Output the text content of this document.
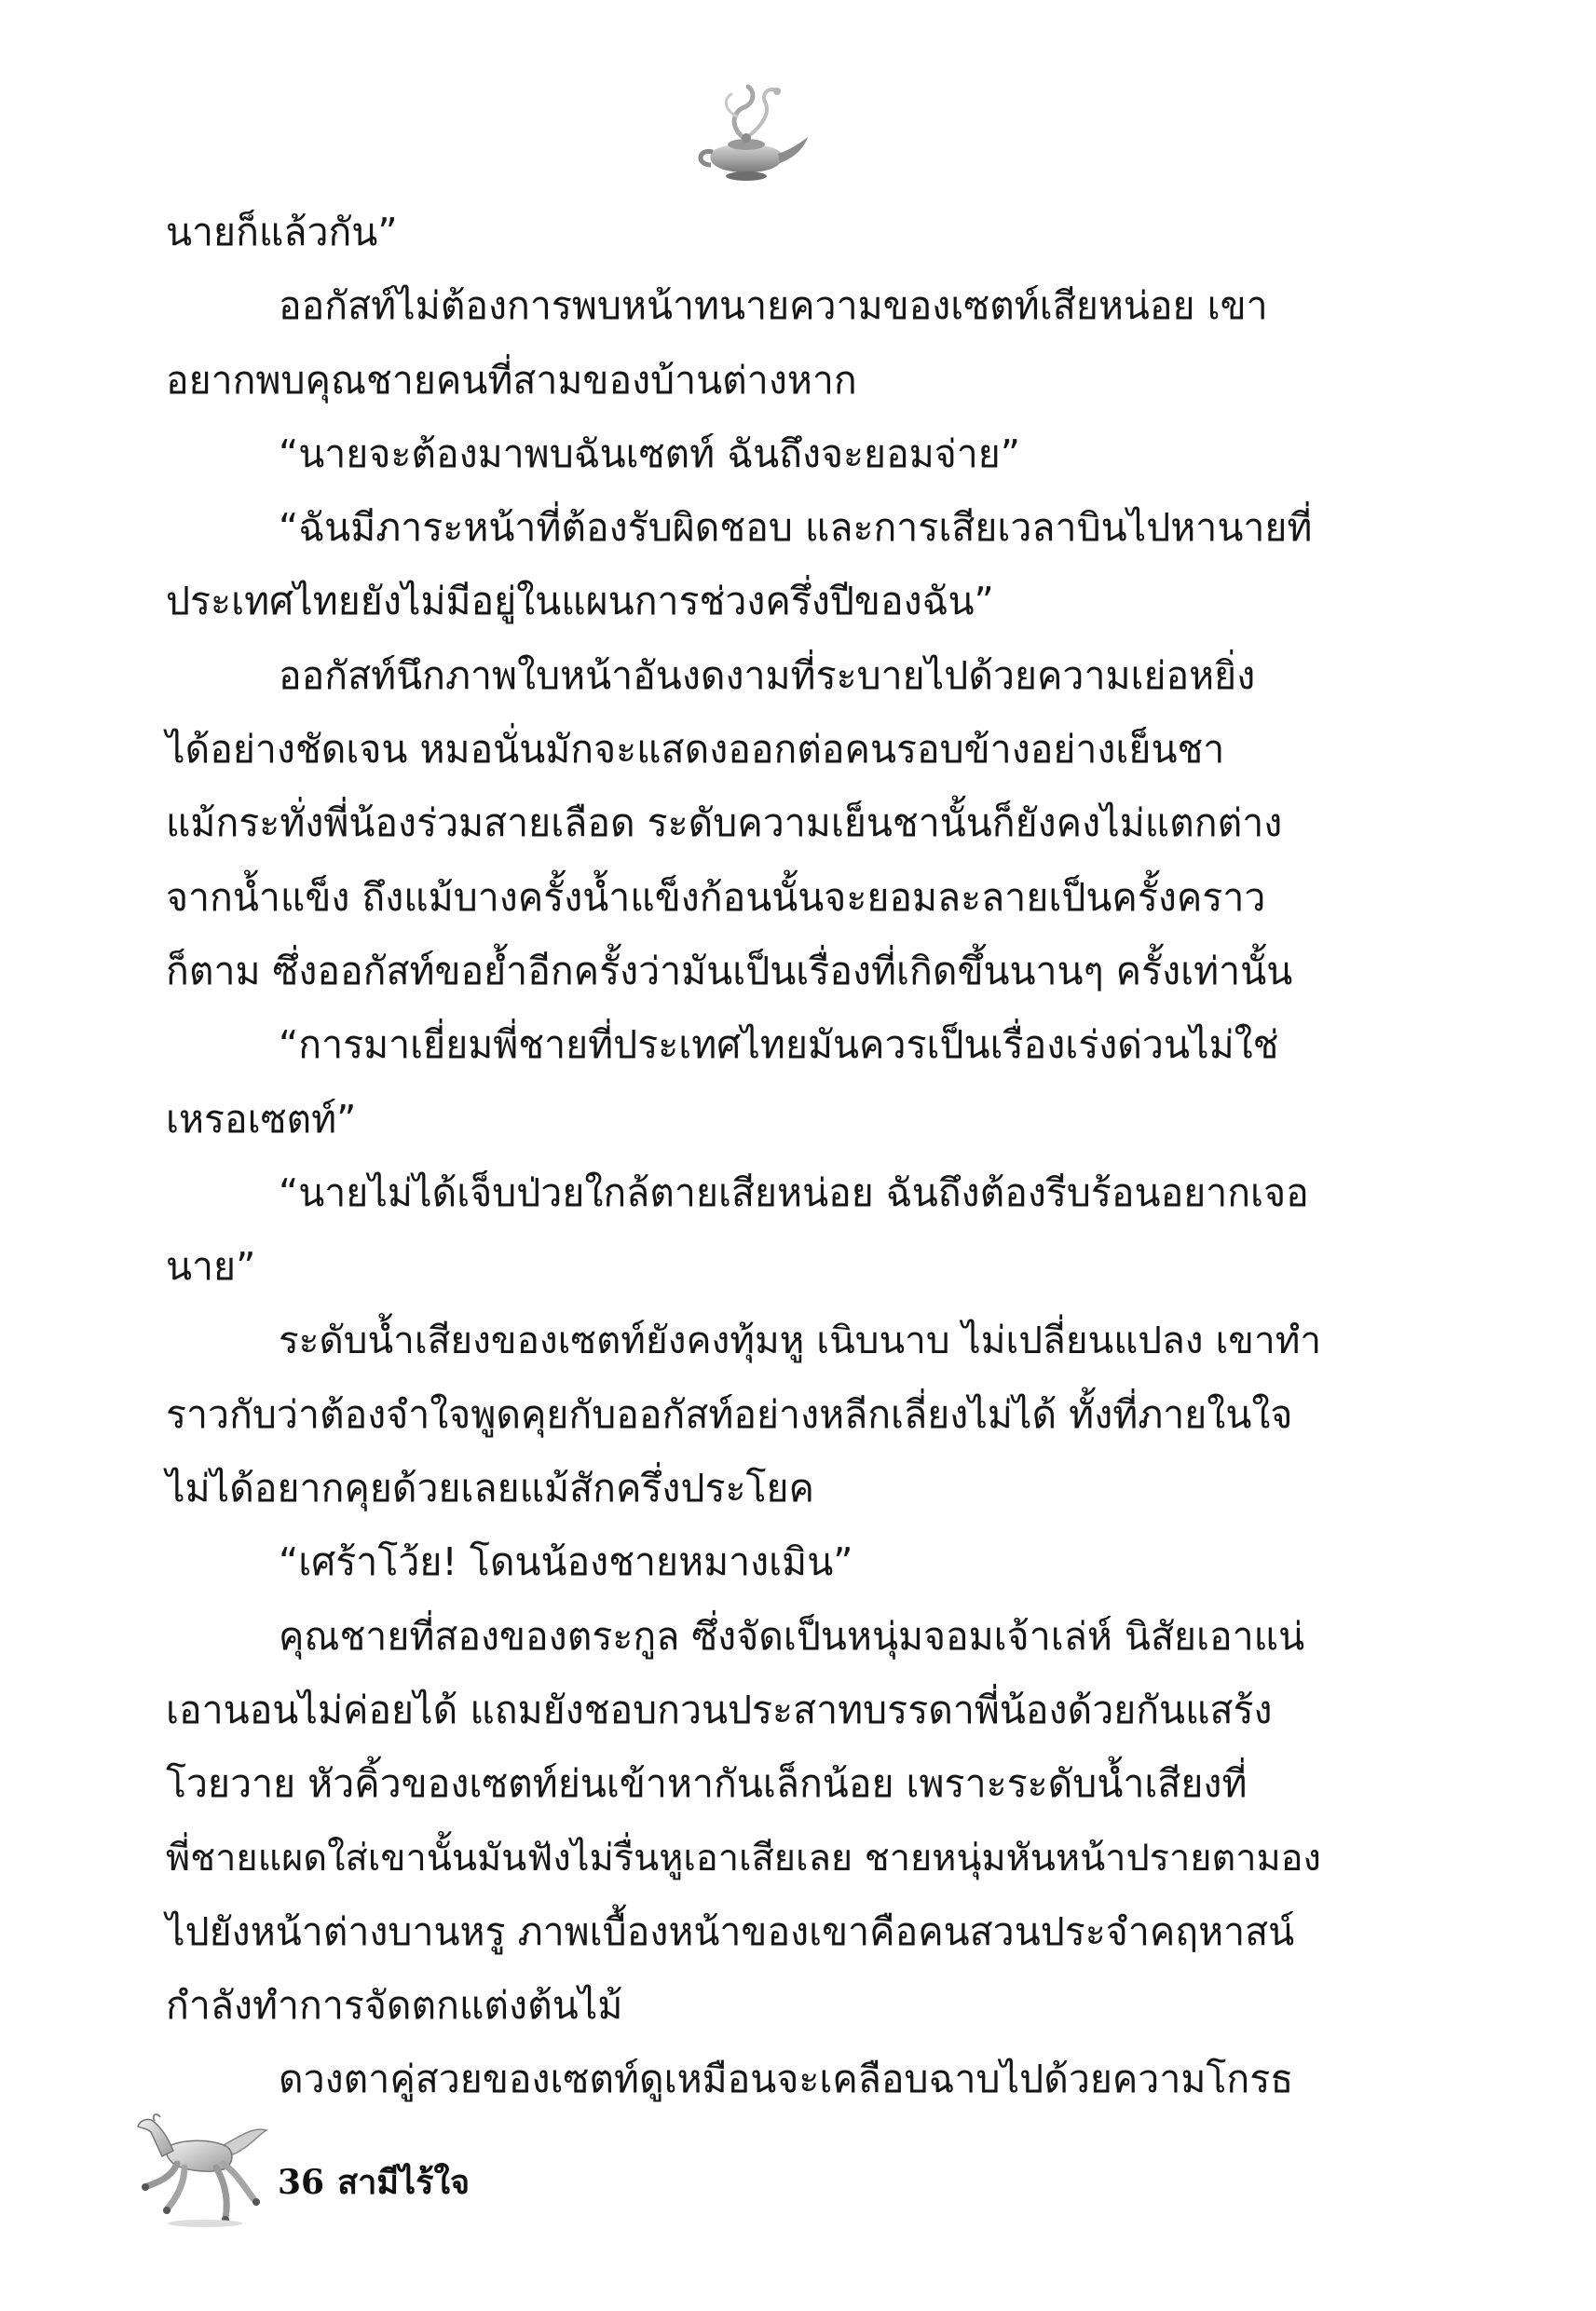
นายก็แล้วกัน”
ออกัสท์ไม่ต้องการพบหน้าทนายความของเซตท์เสียหน่อย เขา
อยากพบคุณชายคนที่สามของบ้านต่างหาก
“นายจะต้องมาพบฉันเซตท์ ฉันถึงจะยอมจ่าย”
“ฉันมีภาระหน้าที่ต้องรับผิดชอบ และการเสียเวลาบินไปหานายที่
ประเทศไทยยังไม่มีอยู่ในแผนการช่วงครึ่งปีของฉัน”
ออกัสท์นึกภาพใบหน้าอันงดงามที่ระบายไปด้วยความเย่อหยิ่ง
ได้อย่างชัดเจน หมอนั่นมักจะแสดงออกต่อคนรอบข้างอย่างเย็นชา
แม้กระทั่งพี่น้องร่วมสายเลือด ระดับความเย็นชานั้นก็ยังคงไม่แตกต่าง
จากน้ำแข็ง ถึงแม้บางครั้งน้ำแข็งก้อนนั้นจะยอมละลายเป็นครั้งคราว
ก็ตาม ซึ่งออกัสท์ขอย้ำอีกครั้งว่ามันเป็นเรื่องที่เกิดขึ้นนานๆ ครั้งเท่านั้น
“การมาเยี่ยมพี่ชายที่ประเทศไทยมันควรเป็นเรื่องเร่งด่วนไม่ใช่
เหรอเซตท์”
“นายไม่ได้เจ็บป่วยใกล้ตายเสียหน่อย ฉันถึงต้องรีบร้อนอยากเจอ
นาย”
ระดับน้ำเสียงของเซตท์ยังคงทุ้มหู เนิบนาบ ไม่เปลี่ยนแปลง เขาทำ
ราวกับว่าต้องจำใจพูดคุยกับออกัสท์อย่างหลีกเลี่ยงไม่ได้ ทั้งที่ภายในใจ
ไม่ได้อยากคุยด้วยเลยแม้สักครึ่งประโยค
“เศร้าโว้ย! โดนน้องชายหมางเมิน”
คุณชายที่สองของตระกูล ซึ่งจัดเป็นหนุ่มจอมเจ้าเล่ห์ นิสัยเอาแน่
เอานอนไม่ค่อยได้ แถมยังชอบกวนประสาทบรรดาพี่น้องด้วยกันแสร้ง
โวยวาย หัวคิ้วของเซตท์ย่นเข้าหากันเล็กน้อย เพราะระดับน้ำเสียงที่
พี่ชายแผดใส่เขานั้นมันฟังไม่รื่นหูเอาเสียเลย ชายหนุ่มหันหน้าปรายตามอง
ไปยังหน้าต่างบานหรู ภาพเบื้องหน้าของเขาคือคนสวนประจำคฤหาสน์
กำลังทำการจัดตกแต่งต้นไม้
ดวงตาคู่สวยของเซตท์ดูเหมือนจะเคลือบฉาบไปด้วยความโกรธ
36 สามีไร้ใจ
